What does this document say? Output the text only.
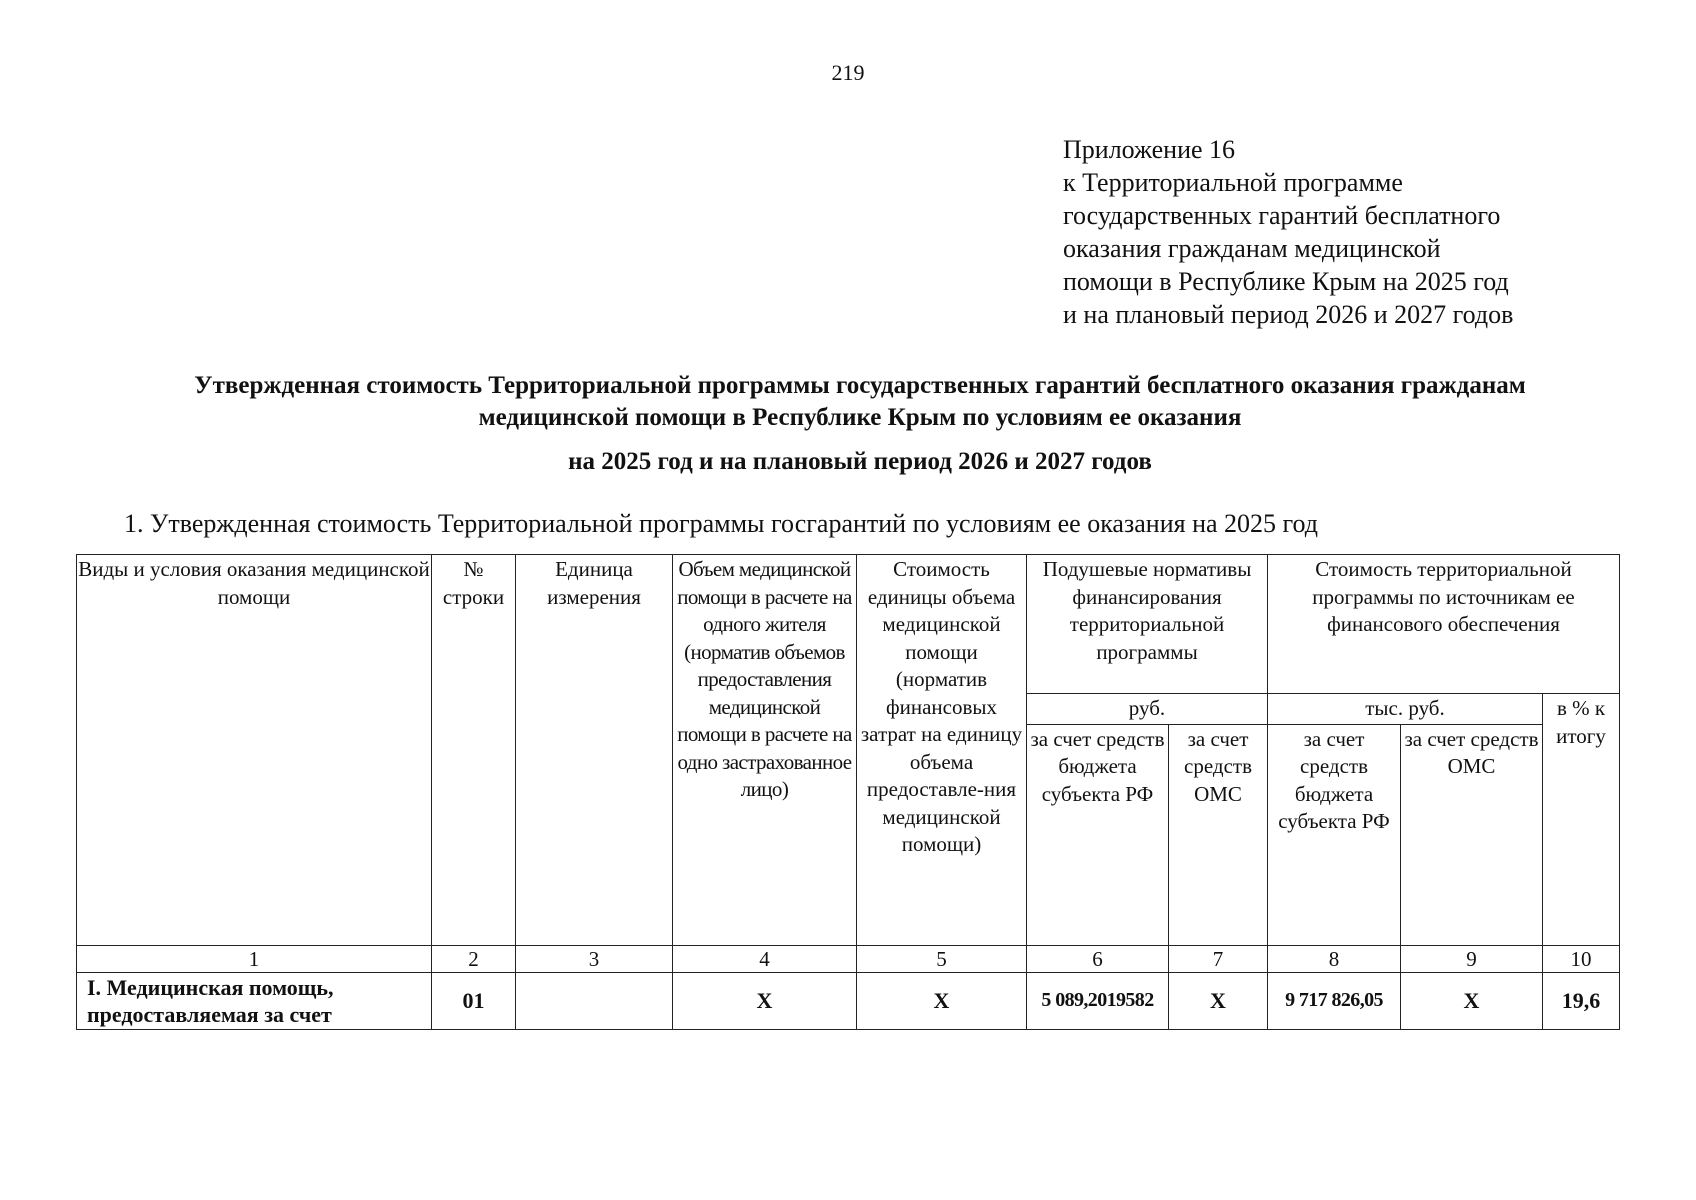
219
Приложение 16
к Территориальной программе
государственных гарантий бесплатного
оказания гражданам медицинской
помощи в Республике Крым на 2025 год
и на плановый период 2026 и 2027 годов
Утвержденная стоимость Территориальной программы государственных гарантий бесплатного оказания гражданам
медицинской помощи в Республике Крым по условиям ее оказания
на 2025 год и на плановый период 2026 и 2027 годов
1. Утвержденная стоимость Территориальной программы госгарантий по условиям ее оказания на 2025 год
Виды и условия оказания медицинской помощи	№ строки	Единица измерения	Объем медицинской помощи в расчете на одного жителя (норматив объемов предоставления медицинской помощи в расчете на одно застрахованное лицо)	Стоимость единицы объема медицинской помощи (норматив финансовых затрат на единицу объема предоставле-ния медицинской помощи)	Подушевые нормативы финансирования территориальной программы		Стоимость территориальной программы по источникам ее финансового обеспечения		
					руб.		тыс. руб.		в % к итогу
					за счет средств бюджета субъекта РФ	за счет средств ОМС	за счет средств бюджета субъекта РФ	за счет средств ОМС	
1	2	3	4	5	6	7	8	9	10
I. Медицинская помощь, предоставляемая за счет	01		X	X	5 089,2019582	X	9 717 826,05	X	19,6
